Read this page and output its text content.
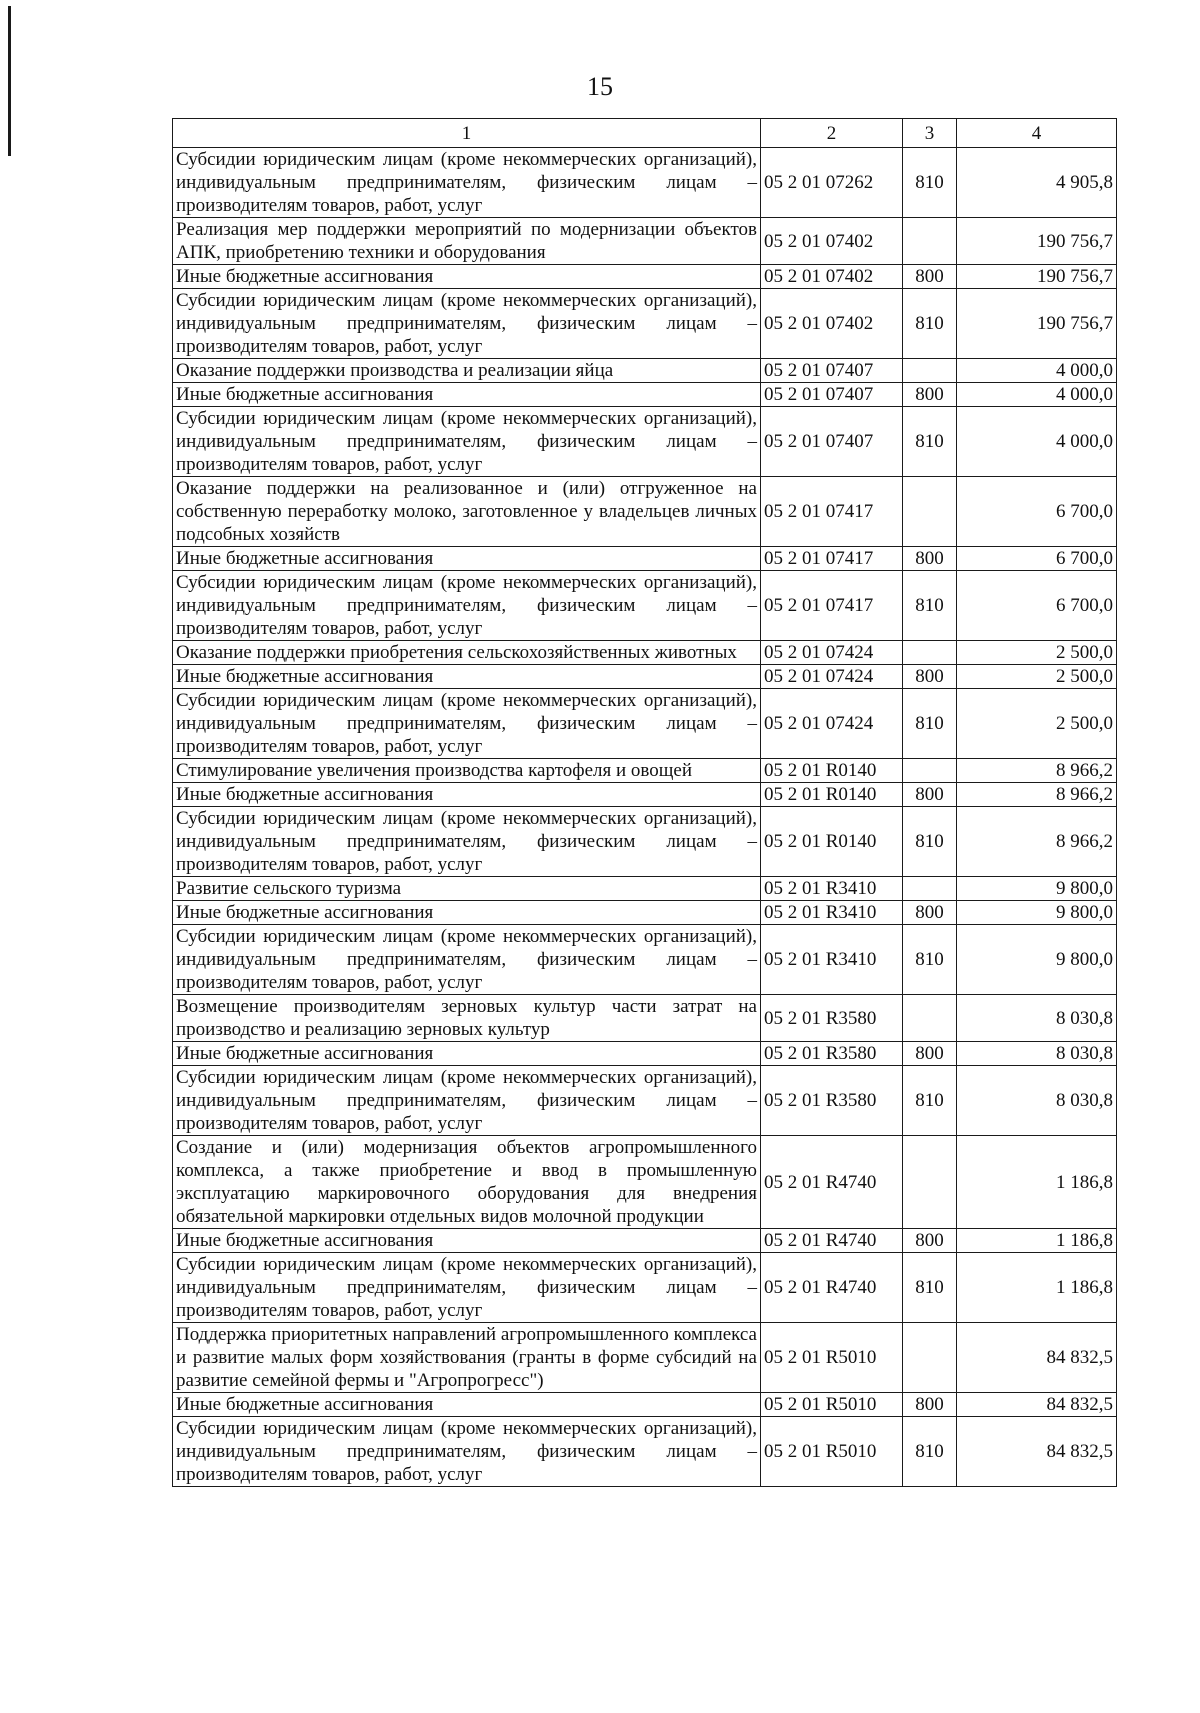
15
1	2	3	4
Субсидии юридическим лицам (кроме некоммерческих организаций), индивидуальным предпринимателям, физическим лицам – производителям товаров, работ, услуг	05 2 01 07262	810	4 905,8
Реализация мер поддержки мероприятий по модернизации объектов АПК, приобретению техники и оборудования	05 2 01 07402		190 756,7
Иные бюджетные ассигнования	05 2 01 07402	800	190 756,7
Субсидии юридическим лицам (кроме некоммерческих организаций), индивидуальным предпринимателям, физическим лицам – производителям товаров, работ, услуг	05 2 01 07402	810	190 756,7
Оказание поддержки производства и реализации яйца	05 2 01 07407		4 000,0
Иные бюджетные ассигнования	05 2 01 07407	800	4 000,0
Субсидии юридическим лицам (кроме некоммерческих организаций), индивидуальным предпринимателям, физическим лицам – производителям товаров, работ, услуг	05 2 01 07407	810	4 000,0
Оказание поддержки на реализованное и (или) отгруженное на собственную переработку молоко, заготовленное у владельцев личных подсобных хозяйств	05 2 01 07417		6 700,0
Иные бюджетные ассигнования	05 2 01 07417	800	6 700,0
Субсидии юридическим лицам (кроме некоммерческих организаций), индивидуальным предпринимателям, физическим лицам – производителям товаров, работ, услуг	05 2 01 07417	810	6 700,0
Оказание поддержки приобретения сельскохозяйственных животных	05 2 01 07424		2 500,0
Иные бюджетные ассигнования	05 2 01 07424	800	2 500,0
Субсидии юридическим лицам (кроме некоммерческих организаций), индивидуальным предпринимателям, физическим лицам – производителям товаров, работ, услуг	05 2 01 07424	810	2 500,0
Стимулирование увеличения производства картофеля и овощей	05 2 01 R0140		8 966,2
Иные бюджетные ассигнования	05 2 01 R0140	800	8 966,2
Субсидии юридическим лицам (кроме некоммерческих организаций), индивидуальным предпринимателям, физическим лицам – производителям товаров, работ, услуг	05 2 01 R0140	810	8 966,2
Развитие сельского туризма	05 2 01 R3410		9 800,0
Иные бюджетные ассигнования	05 2 01 R3410	800	9 800,0
Субсидии юридическим лицам (кроме некоммерческих организаций), индивидуальным предпринимателям, физическим лицам – производителям товаров, работ, услуг	05 2 01 R3410	810	9 800,0
Возмещение производителям зерновых культур части затрат на производство и реализацию зерновых культур	05 2 01 R3580		8 030,8
Иные бюджетные ассигнования	05 2 01 R3580	800	8 030,8
Субсидии юридическим лицам (кроме некоммерческих организаций), индивидуальным предпринимателям, физическим лицам – производителям товаров, работ, услуг	05 2 01 R3580	810	8 030,8
Создание и (или) модернизация объектов агропромышленного комплекса, а также приобретение и ввод в промышленную эксплуатацию маркировочного оборудования для внедрения обязательной маркировки отдельных видов молочной продукции	05 2 01 R4740		1 186,8
Иные бюджетные ассигнования	05 2 01 R4740	800	1 186,8
Субсидии юридическим лицам (кроме некоммерческих организаций), индивидуальным предпринимателям, физическим лицам – производителям товаров, работ, услуг	05 2 01 R4740	810	1 186,8
Поддержка приоритетных направлений агропромышленного комплекса и развитие малых форм хозяйствования (гранты в форме субсидий на развитие семейной фермы и "Агропрогресс")	05 2 01 R5010		84 832,5
Иные бюджетные ассигнования	05 2 01 R5010	800	84 832,5
Субсидии юридическим лицам (кроме некоммерческих организаций), индивидуальным предпринимателям, физическим лицам – производителям товаров, работ, услуг	05 2 01 R5010	810	84 832,5
